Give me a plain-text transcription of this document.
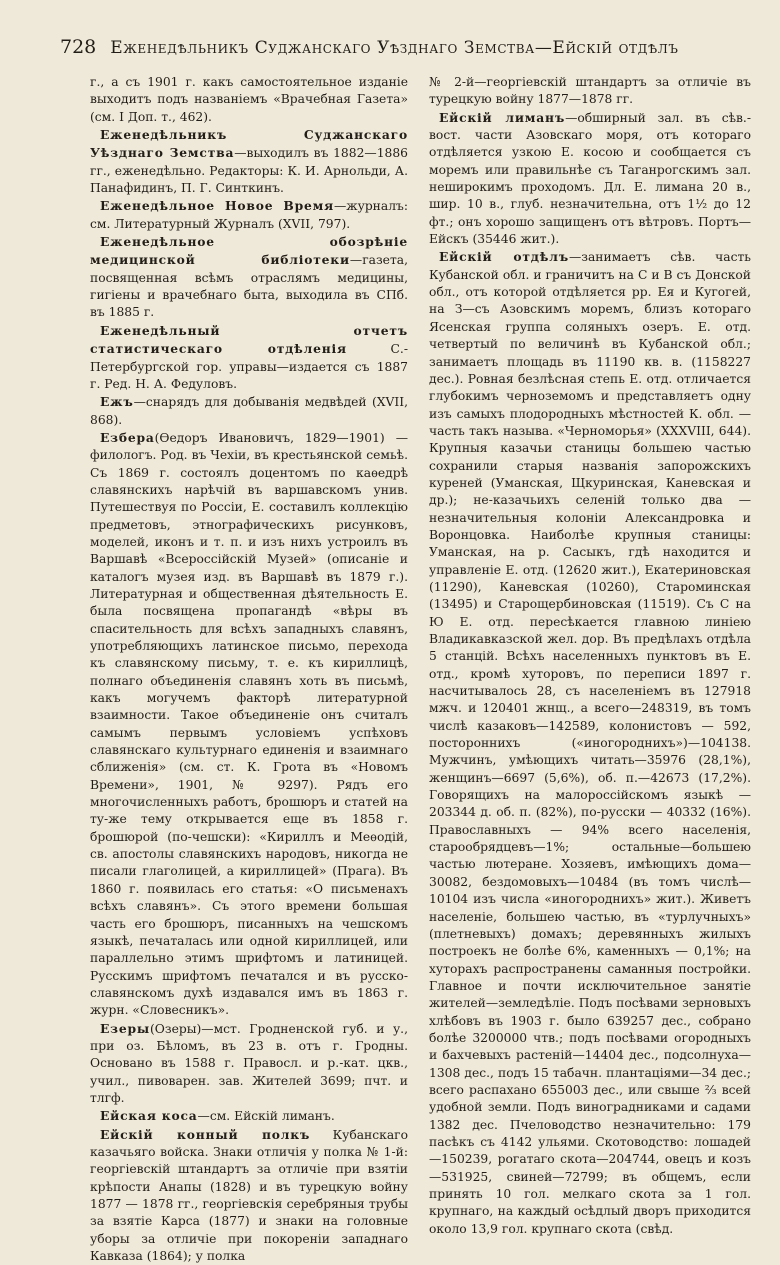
728 Еженедѣльникъ Суджанскаго Уѣзднаго Земства—Ейскій отдѣлъ

г., а съ 1901 г. какъ самостоятельное изданіе выходитъ подъ названіемъ «Врачебная Газета» (см. I Доп. т., 462).

Еженедѣльникъ Суджанскаго Уѣзднаго Земства—выходилъ въ 1882—1886 гг., еженедѣльно. Редакторы: К. И. Арнольди, А. Панафидинъ, П. Г. Синткинъ.

Еженедѣльное Новое Время—журналъ: см. Литературный Журналъ (XVII, 797).

Еженедѣльное обозрѣніе медицинской библіотеки—газета, посвященная всѣмъ отраслямъ медицины, гигіены и врачебнаго быта, выходила въ СПб. въ 1885 г.

Еженедѣльный отчетъ статистическаго отдѣленія С.-Петербургской гор. управы—издается съ 1887 г. Ред. Н. А. Федуловъ.

Ежъ—снарядъ для добыванія медвѣдей (XVII, 868).

Езбера(Ѳедоръ Ивановичъ, 1829—1901) —филологъ. Род. въ Чехіи, въ крестьянской семьѣ. Съ 1869 г. состоялъ доцентомъ по каѳедрѣ славянскихъ нарѣчій въ варшавскомъ унив. Путешествуя по Россіи, Е. составилъ коллекцію предметовъ, этнографическихъ рисунковъ, моделей, иконъ и т. п. и изъ нихъ устроилъ въ Варшавѣ «Всероссійскій Музей» (описаніе и каталогъ музея изд. въ Варшавѣ въ 1879 г.). Литературная и общественная дѣятельность Е. была посвящена пропагандѣ «вѣры въ спасительность для всѣхъ западныхъ славянъ, употребляющихъ латинское письмо, перехода къ славянскому письму, т. е. къ кириллицѣ, полнаго объединенія славянъ хоть въ письмѣ, какъ могучемъ факторѣ литературной взаимности. Такое объединеніе онъ считалъ самымъ первымъ условіемъ успѣховъ славянскаго культурнаго единенія и взаимнаго сближенія» (см. ст. К. Грота въ «Новомъ Времени», 1901, № 9297). Рядъ его многочисленныхъ работъ, брошюръ и статей на ту-же тему открывается еще въ 1858 г. брошюрой (по-чешски): «Кириллъ и Меѳодій, св. апостолы славянскихъ народовъ, никогда не писали глаголицей, а кириллицей» (Прага). Въ 1860 г. появилась его статья: «О письменахъ всѣхъ славянъ». Съ этого времени большая часть его брошюръ, писанныхъ на чешскомъ языкѣ, печаталась или одной кириллицей, или параллельно этимъ шрифтомъ и латиницей. Русскимъ шрифтомъ печатался и въ русско-славянскомъ духѣ издавался имъ въ 1863 г. журн. «Словесникъ».

Езеры(Озеры)—мст. Гродненской губ. и у., при оз. Бѣломъ, въ 23 в. отъ г. Гродны. Основано въ 1588 г. Правосл. и р.-кат. цкв., учил., пивоварен. зав. Жителей 3699; пчт. и тлгф.

Ейская коса—см. Ейскій лиманъ.

Ейскій конный полкъ Кубанскаго казачьяго войска. Знаки отличія у полка № 1-й: георгіевскій штандартъ за отличіе при взятіи крѣпости Анапы (1828) и въ турецкую войну 1877 — 1878 гг., георгіевскія серебряныя трубы за взятіе Карса (1877) и знаки на головные уборы за отличіе при покореніи западнаго Кавказа (1864); у полка

№ 2-й—георгіевскій штандартъ за отличіе въ турецкую войну 1877—1878 гг.

Ейскій лиманъ—обширный зал. въ сѣв.-вост. части Азовскаго моря, отъ котораго отдѣляется узкою Е. косою и сообщается съ моремъ или правильнѣе съ Таганрогскимъ зал. неширокимъ проходомъ. Дл. Е. лимана 20 в., шир. 10 в., глуб. незначительна, отъ 1½ до 12 фт.; онъ хорошо защищенъ отъ вѣтровъ. Портъ—Ейскъ (35446 жит.).

Ейскій отдѣлъ—занимаетъ сѣв. часть Кубанской обл. и граничитъ на С и В съ Донской обл., отъ которой отдѣляется рр. Ея и Кугогей, на З—съ Азовскимъ моремъ, близъ котораго Ясенская группа соляныхъ озеръ. Е. отд. четвертый по величинѣ въ Кубанской обл.; занимаетъ площадь въ 11190 кв. в. (1158227 дес.). Ровная безлѣсная степь Е. отд. отличается глубокимъ черноземомъ и представляетъ одну изъ самыхъ плодородныхъ мѣстностей К. обл. —часть такъ называ. «Черноморья» (XXXVIII, 644). Крупныя казачьи станицы большею частью сохранили старыя названія запорожскихъ куреней (Уманская, Щкуринская, Каневская и др.); не-казачьихъ селеній только два — незначительныя колоніи Александровка и Воронцовка. Наиболѣе крупныя станицы: Уманская, на р. Сасыкъ, гдѣ находится и управленіе Е. отд. (12620 жит.), Екатериновская (11290), Каневская (10260), Староминская (13495) и Старощербиновская (11519). Съ С на Ю Е. отд. пересѣкается главною линіею Владикавказской жел. дор. Въ предѣлахъ отдѣла 5 станцій. Всѣхъ населенныхъ пунктовъ въ Е. отд., кромѣ хуторовъ, по переписи 1897 г. насчитывалось 28, съ населеніемъ въ 127918 мжч. и 120401 жнщ., а всего—248319, въ томъ числѣ казаковъ—142589, колонистовъ — 592, постороннихъ («иногороднихъ»)—104138. Мужчинъ, умѣющихъ читать—35976 (28,1%), женщинъ—6697 (5,6%), об. п.—42673 (17,2%). Говорящихъ на малороссійскомъ языкѣ — 203344 д. об. п. (82%), по-русски — 40332 (16%). Православныхъ — 94% всего населенія, старообрядцевъ—1%; остальные—большею частью лютеране. Хозяевъ, имѣющихъ дома—30082, бездомовыхъ—10484 (въ томъ числѣ—10104 изъ числа «иногороднихъ» жит.). Живетъ населеніе, большею частью, въ «турлучныхъ» (плетневыхъ) домахъ; деревянныхъ жилыхъ построекъ не болѣе 6%, каменныхъ — 0,1%; на хуторахъ распространены саманныя постройки. Главное и почти исключительное занятіе жителей—земледѣліе. Подъ посѣвами зерновыхъ хлѣбовъ въ 1903 г. было 639257 дес., собрано болѣе 3200000 чтв.; подъ посѣвами огородныхъ и бахчевыхъ растеній—14404 дес., подсолнуха—1308 дес., подъ 15 табачн. плантаціями—34 дес.; всего распахано 655003 дес., или свыше ⅔ всей удобной земли. Подъ виноградниками и садами 1382 дес. Пчеловодство незначительно: 179 пасѣкъ съ 4142 ульями. Скотоводство: лошадей—150239, рогатаго скота—204744, овецъ и козъ—531925, свиней—72799; въ общемъ, если принять 10 гол. мелкаго скота за 1 гол. крупнаго, на каждый осѣдлый дворъ приходится около 13,9 гол. крупнаго скота (свѣд.
